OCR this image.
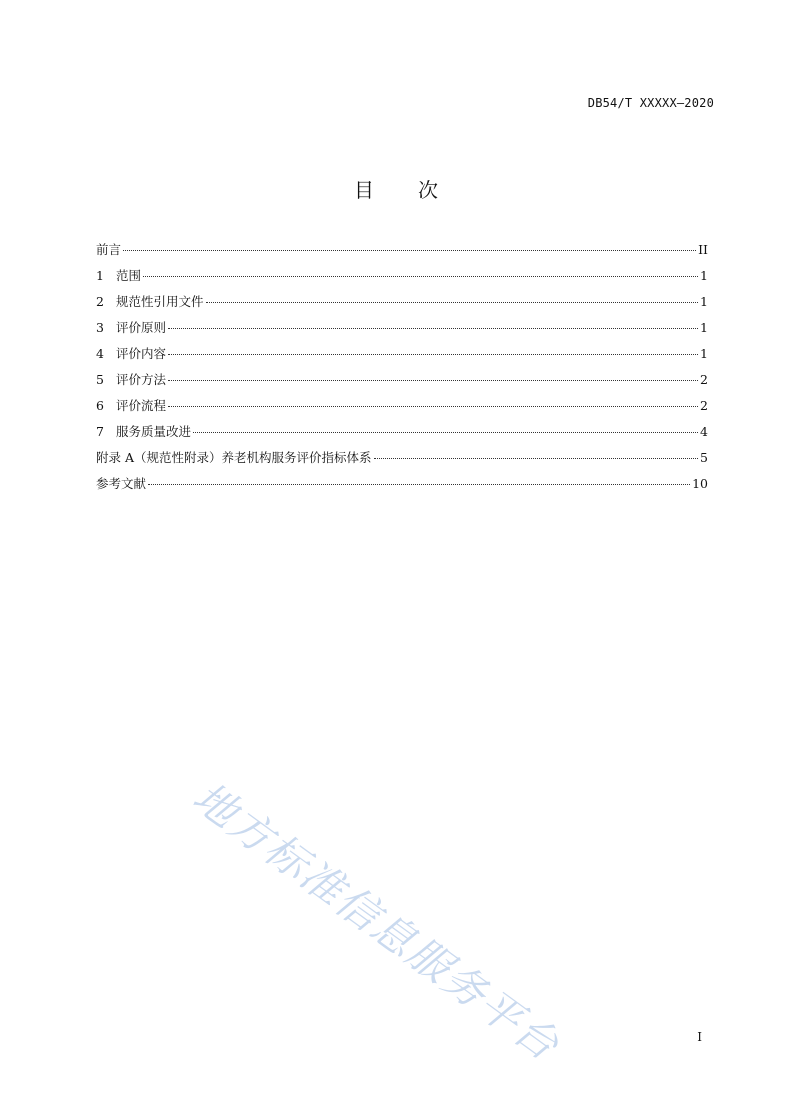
DB54/T XXXXX—2020
目 次
前言	II
1 范围	1
2 规范性引用文件	1
3 评价原则	1
4 评价内容	1
5 评价方法	2
6 评价流程	2
7 服务质量改进	4
附录 A（规范性附录）养老机构服务评价指标体系	5
参考文献	10
地方标准信息服务平台	I
